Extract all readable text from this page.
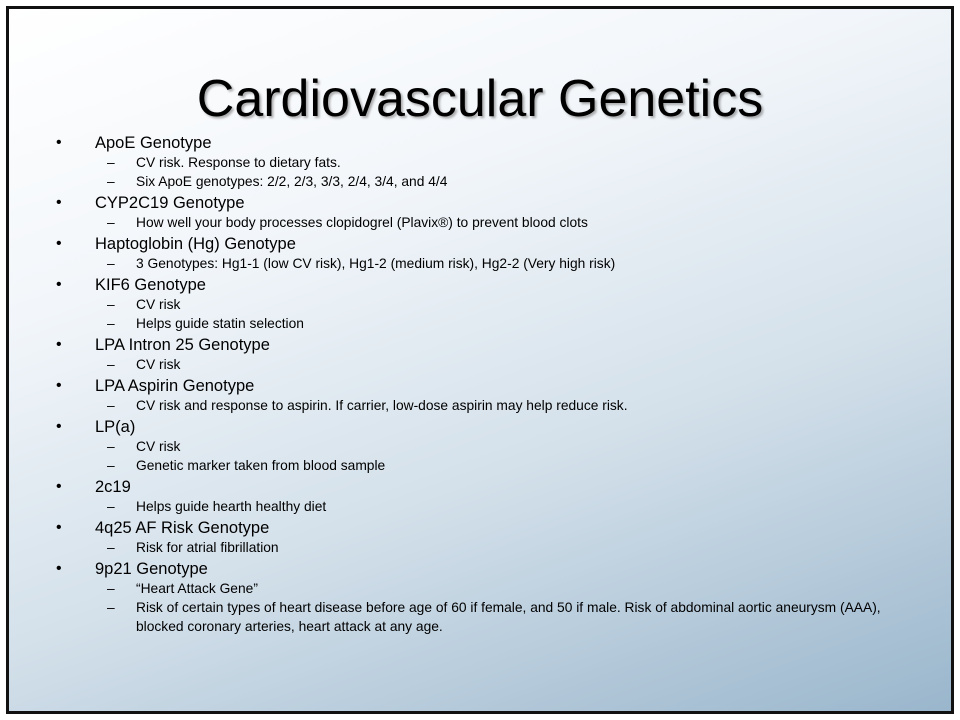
Cardiovascular Genetics
• ApoE Genotype
– CV risk. Response to dietary fats.
– Six ApoE genotypes: 2/2, 2/3, 3/3, 2/4, 3/4, and 4/4
• CYP2C19 Genotype
– How well your body processes clopidogrel (Plavix®) to prevent blood clots
• Haptoglobin (Hg) Genotype
– 3 Genotypes: Hg1-1 (low CV risk), Hg1-2 (medium risk), Hg2-2 (Very high risk)
• KIF6 Genotype
– CV risk
– Helps guide statin selection
• LPA Intron 25 Genotype
– CV risk
• LPA Aspirin Genotype
– CV risk and response to aspirin. If carrier, low-dose aspirin may help reduce risk.
• LP(a)
– CV risk
– Genetic marker taken from blood sample
• 2c19
– Helps guide hearth healthy diet
• 4q25 AF Risk Genotype
– Risk for atrial fibrillation
• 9p21 Genotype
– “Heart Attack Gene”
– Risk of certain types of heart disease before age of 60 if female, and 50 if male. Risk of abdominal aortic aneurysm (AAA), blocked coronary arteries, heart attack at any age.
